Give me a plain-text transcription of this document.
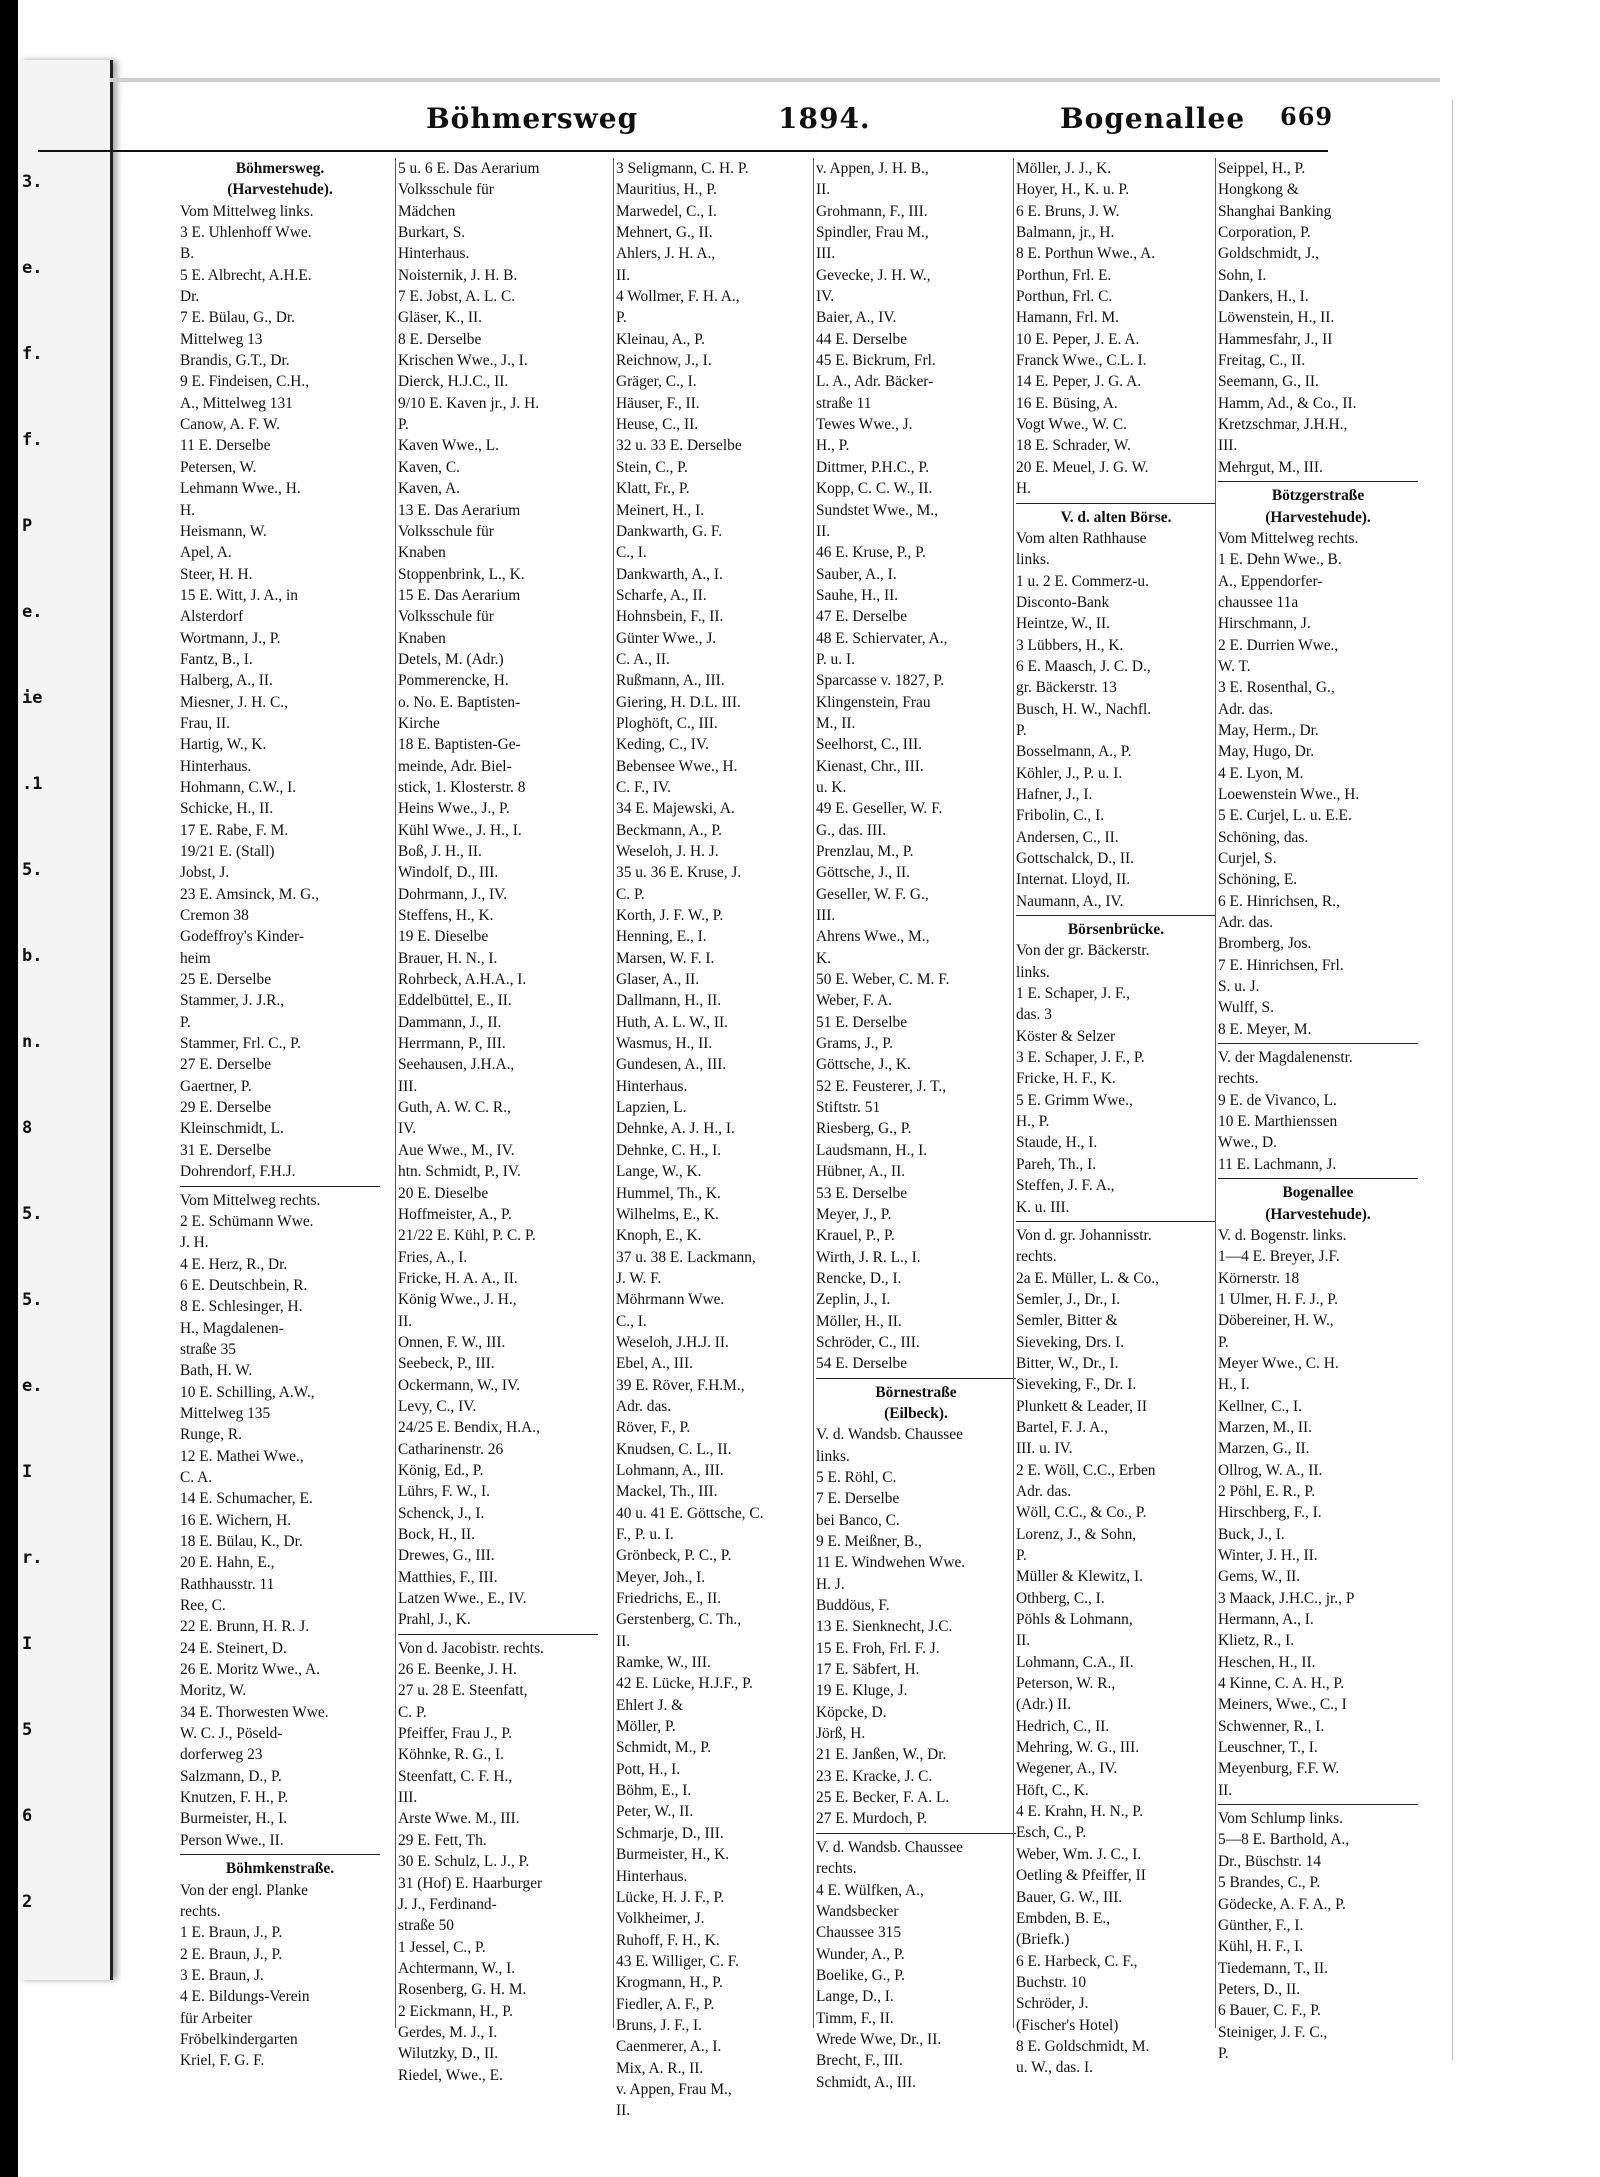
3.
e.
f.
f.
P
e.
ie
.1
5.
b.
n.
8
5.
5.
e.
I
r.
I
5
6
2
Böhmersweg	1894.	Bogenallee 669
Böhmersweg.
(Harvestehude).
Vom Mittelweg links.
3 E. Uhlenhoff Wwe.
B.
5 E. Albrecht, A.H.E.
Dr.
7 E. Bülau, G., Dr.
Mittelweg 13
Brandis, G.T., Dr.
9 E. Findeisen, C.H.,
A., Mittelweg 131
Canow, A. F. W.
11 E. Derselbe
Petersen, W.
Lehmann Wwe., H.
H.
Heismann, W.
Apel, A.
Steer, H. H.
15 E. Witt, J. A., in
Alsterdorf
Wortmann, J., P.
Fantz, B., I.
Halberg, A., II.
Miesner, J. H. C.,
Frau, II.
Hartig, W., K.
Hinterhaus.
Hohmann, C.W., I.
Schicke, H., II.
17 E. Rabe, F. M.
19/21 E. (Stall)
Jobst, J.
23 E. Amsinck, M. G.,
Cremon 38
Godeffroy's Kinder-
heim
25 E. Derselbe
Stammer, J. J.R.,
P.
Stammer, Frl. C., P.
27 E. Derselbe
Gaertner, P.
29 E. Derselbe
Kleinschmidt, L.
31 E. Derselbe
Dohrendorf, F.H.J.
Vom Mittelweg rechts.
2 E. Schümann Wwe.
J. H.
4 E. Herz, R., Dr.
6 E. Deutschbein, R.
8 E. Schlesinger, H.
H., Magdalenen-
straße 35
Bath, H. W.
10 E. Schilling, A.W.,
Mittelweg 135
Runge, R.
12 E. Mathei Wwe.,
C. A.
14 E. Schumacher, E.
16 E. Wichern, H.
18 E. Bülau, K., Dr.
20 E. Hahn, E.,
Rathhausstr. 11
Ree, C.
22 E. Brunn, H. R. J.
24 E. Steinert, D.
26 E. Moritz Wwe., A.
Moritz, W.
34 E. Thorwesten Wwe.
W. C. J., Pöseld-
dorferweg 23
Salzmann, D., P.
Knutzen, F. H., P.
Burmeister, H., I.
Person Wwe., II.
Böhmkenstraße.
Von der engl. Planke
rechts.
1 E. Braun, J., P.
2 E. Braun, J., P.
3 E. Braun, J.
4 E. Bildungs-Verein
für Arbeiter
Fröbelkindergarten
Kriel, F. G. F.
5 u. 6 E. Das Aerarium
Volksschule für
Mädchen
Burkart, S.
Hinterhaus.
Noisternik, J. H. B.
7 E. Jobst, A. L. C.
Gläser, K., II.
8 E. Derselbe
Krischen Wwe., J., I.
Dierck, H.J.C., II.
9/10 E. Kaven jr., J. H.
P.
Kaven Wwe., L.
Kaven, C.
Kaven, A.
13 E. Das Aerarium
Volksschule für
Knaben
Stoppenbrink, L., K.
15 E. Das Aerarium
Volksschule für
Knaben
Detels, M. (Adr.)
Pommerencke, H.
o. No. E. Baptisten-
Kirche
18 E. Baptisten-Ge-
meinde, Adr. Biel-
stick, 1. Klosterstr. 8
Heins Wwe., J., P.
Kühl Wwe., J. H., I.
Boß, J. H., II.
Windolf, D., III.
Dohrmann, J., IV.
Steffens, H., K.
19 E. Dieselbe
Brauer, H. N., I.
Rohrbeck, A.H.A., I.
Eddelbüttel, E., II.
Dammann, J., II.
Herrmann, P., III.
Seehausen, J.H.A.,
III.
Guth, A. W. C. R.,
IV.
Aue Wwe., M., IV.
htn. Schmidt, P., IV.
20 E. Dieselbe
Hoffmeister, A., P.
21/22 E. Kühl, P. C. P.
Fries, A., I.
Fricke, H. A. A., II.
König Wwe., J. H.,
II.
Onnen, F. W., III.
Seebeck, P., III.
Ockermann, W., IV.
Levy, C., IV.
24/25 E. Bendix, H.A.,
Catharinenstr. 26
König, Ed., P.
Lührs, F. W., I.
Schenck, J., I.
Bock, H., II.
Drewes, G., III.
Matthies, F., III.
Latzen Wwe., E., IV.
Prahl, J., K.
Von d. Jacobistr. rechts.
26 E. Beenke, J. H.
27 u. 28 E. Steenfatt,
C. P.
Pfeiffer, Frau J., P.
Köhnke, R. G., I.
Steenfatt, C. F. H.,
III.
Arste Wwe. M., III.
29 E. Fett, Th.
30 E. Schulz, L. J., P.
31 (Hof) E. Haarburger
J. J., Ferdinand-
straße 50
1 Jessel, C., P.
Achtermann, W., I.
Rosenberg, G. H. M.
2 Eickmann, H., P.
Gerdes, M. J., I.
Wilutzky, D., II.
Riedel, Wwe., E.
3 Seligmann, C. H. P.
Mauritius, H., P.
Marwedel, C., I.
Mehnert, G., II.
Ahlers, J. H. A.,
II.
4 Wollmer, F. H. A.,
P.
Kleinau, A., P.
Reichnow, J., I.
Gräger, C., I.
Häuser, F., II.
Heuse, C., II.
32 u. 33 E. Derselbe
Stein, C., P.
Klatt, Fr., P.
Meinert, H., I.
Dankwarth, G. F.
C., I.
Dankwarth, A., I.
Scharfe, A., II.
Hohnsbein, F., II.
Günter Wwe., J.
C. A., II.
Rußmann, A., III.
Giering, H. D.L. III.
Ploghöft, C., III.
Keding, C., IV.
Bebensee Wwe., H.
C. F., IV.
34 E. Majewski, A.
Beckmann, A., P.
Weseloh, J. H. J.
35 u. 36 E. Kruse, J.
C. P.
Korth, J. F. W., P.
Henning, E., I.
Marsen, W. F. I.
Glaser, A., II.
Dallmann, H., II.
Huth, A. L. W., II.
Wasmus, H., II.
Gundesen, A., III.
Hinterhaus.
Lapzien, L.
Dehnke, A. J. H., I.
Dehnke, C. H., I.
Lange, W., K.
Hummel, Th., K.
Wilhelms, E., K.
Knoph, E., K.
37 u. 38 E. Lackmann,
J. W. F.
Möhrmann Wwe.
C., I.
Weseloh, J.H.J. II.
Ebel, A., III.
39 E. Röver, F.H.M.,
Adr. das.
Röver, F., P.
Knudsen, C. L., II.
Lohmann, A., III.
Mackel, Th., III.
40 u. 41 E. Göttsche, C.
F., P. u. I.
Grönbeck, P. C., P.
Meyer, Joh., I.
Friedrichs, E., II.
Gerstenberg, C. Th.,
II.
Ramke, W., III.
42 E. Lücke, H.J.F., P.
Ehlert J. &
Möller, P.
Schmidt, M., P.
Pott, H., I.
Böhm, E., I.
Peter, W., II.
Schmarje, D., III.
Burmeister, H., K.
Hinterhaus.
Lücke, H. J. F., P.
Volkheimer, J.
Ruhoff, F. H., K.
43 E. Williger, C. F.
Krogmann, H., P.
Fiedler, A. F., P.
Bruns, J. F., I.
Caenmerer, A., I.
Mix, A. R., II.
v. Appen, Frau M.,
II.
v. Appen, J. H. B.,
II.
Grohmann, F., III.
Spindler, Frau M.,
III.
Gevecke, J. H. W.,
IV.
Baier, A., IV.
44 E. Derselbe
45 E. Bickrum, Frl.
L. A., Adr. Bäcker-
straße 11
Tewes Wwe., J.
H., P.
Dittmer, P.H.C., P.
Kopp, C. C. W., II.
Sundstet Wwe., M.,
II.
46 E. Kruse, P., P.
Sauber, A., I.
Sauhe, H., II.
47 E. Derselbe
48 E. Schiervater, A.,
P. u. I.
Sparcasse v. 1827, P.
Klingenstein, Frau
M., II.
Seelhorst, C., III.
Kienast, Chr., III.
u. K.
49 E. Geseller, W. F.
G., das. III.
Prenzlau, M., P.
Göttsche, J., II.
Geseller, W. F. G.,
III.
Ahrens Wwe., M.,
K.
50 E. Weber, C. M. F.
Weber, F. A.
51 E. Derselbe
Grams, J., P.
Göttsche, J., K.
52 E. Feusterer, J. T.,
Stiftstr. 51
Riesberg, G., P.
Laudsmann, H., I.
Hübner, A., II.
53 E. Derselbe
Meyer, J., P.
Krauel, P., P.
Wirth, J. R. L., I.
Rencke, D., I.
Zeplin, J., I.
Möller, H., II.
Schröder, C., III.
54 E. Derselbe
Börnestraße
(Eilbeck).
V. d. Wandsb. Chaussee
links.
5 E. Röhl, C.
7 E. Derselbe
bei Banco, C.
9 E. Meißner, B.,
11 E. Windwehen Wwe.
H. J.
Buddöus, F.
13 E. Sienknecht, J.C.
15 E. Froh, Frl. F. J.
17 E. Säbfert, H.
19 E. Kluge, J.
Köpcke, D.
Jörß, H.
21 E. Janßen, W., Dr.
23 E. Kracke, J. C.
25 E. Becker, F. A. L.
27 E. Murdoch, P.
V. d. Wandsb. Chaussee
rechts.
4 E. Wülfken, A.,
Wandsbecker
Chaussee 315
Wunder, A., P.
Boelike, G., P.
Lange, D., I.
Timm, F., II.
Wrede Wwe, Dr., II.
Brecht, F., III.
Schmidt, A., III.
Möller, J. J., K.
Hoyer, H., K. u. P.
6 E. Bruns, J. W.
Balmann, jr., H.
8 E. Porthun Wwe., A.
Porthun, Frl. E.
Porthun, Frl. C.
Hamann, Frl. M.
10 E. Peper, J. E. A.
Franck Wwe., C.L. I.
14 E. Peper, J. G. A.
16 E. Büsing, A.
Vogt Wwe., W. C.
18 E. Schrader, W.
20 E. Meuel, J. G. W.
H.
V. d. alten Börse.
Vom alten Rathhause
links.
1 u. 2 E. Commerz-u.
Disconto-Bank
Heintze, W., II.
3 Lübbers, H., K.
6 E. Maasch, J. C. D.,
gr. Bäckerstr. 13
Busch, H. W., Nachfl.
P.
Bosselmann, A., P.
Köhler, J., P. u. I.
Hafner, J., I.
Fribolin, C., I.
Andersen, C., II.
Gottschalck, D., II.
Internat. Lloyd, II.
Naumann, A., IV.
Börsenbrücke.
Von der gr. Bäckerstr.
links.
1 E. Schaper, J. F.,
das. 3
Köster & Selzer
3 E. Schaper, J. F., P.
Fricke, H. F., K.
5 E. Grimm Wwe.,
H., P.
Staude, H., I.
Pareh, Th., I.
Steffen, J. F. A.,
K. u. III.
Von d. gr. Johannisstr.
rechts.
2a E. Müller, L. & Co.,
Semler, J., Dr., I.
Semler, Bitter &
Sieveking, Drs. I.
Bitter, W., Dr., I.
Sieveking, F., Dr. I.
Plunkett & Leader, II
Bartel, F. J. A.,
III. u. IV.
2 E. Wöll, C.C., Erben
Adr. das.
Wöll, C.C., & Co., P.
Lorenz, J., & Sohn,
P.
Müller & Klewitz, I.
Othberg, C., I.
Pöhls & Lohmann,
II.
Lohmann, C.A., II.
Peterson, W. R.,
(Adr.) II.
Hedrich, C., II.
Mehring, W. G., III.
Wegener, A., IV.
Höft, C., K.
4 E. Krahn, H. N., P.
Esch, C., P.
Weber, Wm. J. C., I.
Oetling & Pfeiffer, II
Bauer, G. W., III.
Embden, B. E.,
(Briefk.)
6 E. Harbeck, C. F.,
Buchstr. 10
Schröder, J.
(Fischer's Hotel)
8 E. Goldschmidt, M.
u. W., das. I.
Seippel, H., P.
Hongkong &
Shanghai Banking
Corporation, P.
Goldschmidt, J.,
Sohn, I.
Dankers, H., I.
Löwenstein, H., II.
Hammesfahr, J., II
Freitag, C., II.
Seemann, G., II.
Hamm, Ad., & Co., II.
Kretzschmar, J.H.H.,
III.
Mehrgut, M., III.
Bötzgerstraße
(Harvestehude).
Vom Mittelweg rechts.
1 E. Dehn Wwe., B.
A., Eppendorfer-
chaussee 11a
Hirschmann, J.
2 E. Durrien Wwe.,
W. T.
3 E. Rosenthal, G.,
Adr. das.
May, Herm., Dr.
May, Hugo, Dr.
4 E. Lyon, M.
Loewenstein Wwe., H.
5 E. Curjel, L. u. E.E.
Schöning, das.
Curjel, S.
Schöning, E.
6 E. Hinrichsen, R.,
Adr. das.
Bromberg, Jos.
7 E. Hinrichsen, Frl.
S. u. J.
Wulff, S.
8 E. Meyer, M.
V. der Magdalenenstr.
rechts.
9 E. de Vivanco, L.
10 E. Marthienssen
Wwe., D.
11 E. Lachmann, J.
Bogenallee
(Harvestehude).
V. d. Bogenstr. links.
1—4 E. Breyer, J.F.
Körnerstr. 18
1 Ulmer, H. F. J., P.
Döbereiner, H. W.,
P.
Meyer Wwe., C. H.
H., I.
Kellner, C., I.
Marzen, M., II.
Marzen, G., II.
Ollrog, W. A., II.
2 Pöhl, E. R., P.
Hirschberg, F., I.
Buck, J., I.
Winter, J. H., II.
Gems, W., II.
3 Maack, J.H.C., jr., P
Hermann, A., I.
Klietz, R., I.
Heschen, H., II.
4 Kinne, C. A. H., P.
Meiners, Wwe., C., I
Schwenner, R., I.
Leuschner, T., I.
Meyenburg, F.F. W.
II.
Vom Schlump links.
5—8 E. Barthold, A.,
Dr., Büschstr. 14
5 Brandes, C., P.
Gödecke, A. F. A., P.
Günther, F., I.
Kühl, H. F., I.
Tiedemann, T., II.
Peters, D., II.
6 Bauer, C. F., P.
Steiniger, J. F. C.,
P.
